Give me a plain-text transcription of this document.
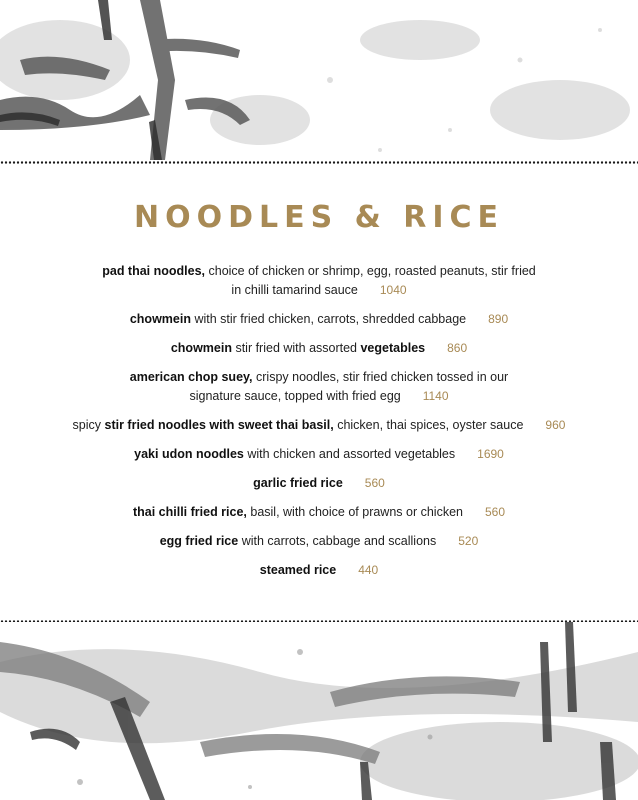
NOODLES & RICE
pad thai noodles, choice of chicken or shrimp, egg, roasted peanuts, stir fried
in chilli tamarind sauce 1040
chowmein with stir fried chicken, carrots, shredded cabbage 890
chowmein stir fried with assorted vegetables 860
american chop suey, crispy noodles, stir fried chicken tossed in our
signature sauce, topped with fried egg 1140
spicy stir fried noodles with sweet thai basil, chicken, thai spices, oyster sauce 960
yaki udon noodles with chicken and assorted vegetables 1690
garlic fried rice 560
thai chilli fried rice, basil, with choice of prawns or chicken 560
egg fried rice with carrots, cabbage and scallions 520
steamed rice 440
